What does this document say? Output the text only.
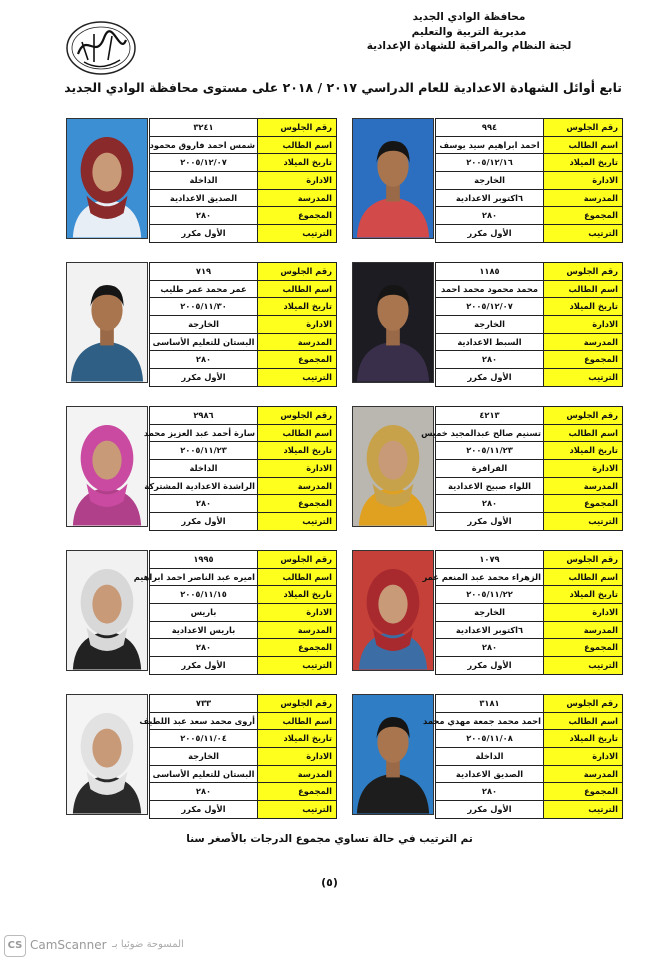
محافظة الوادي الجديد
مديرية التربية والتعليم
لجنة النظام والمراقبة للشهادة الإعدادية
تابع أوائل الشهادة الاعدادية للعام الدراسي ٢٠١٧ / ٢٠١٨ على مستوى محافظة الوادي الجديد
٩٩٤	رقم الجلوس
احمد ابراهيم سيد يوسف	اسم الطالب
٢٠٠٥/١٢/١٦	تاريخ الميلاد
الخارجة	الادارة
٦اكتوبر الاعدادية	المدرسة
٢٨٠	المجموع
الأول مكرر	الترتيب
٣٢٤١	رقم الجلوس
شمس احمد فاروق محمود	اسم الطالب
٢٠٠٥/١٢/٠٧	تاريخ الميلاد
الداخلة	الادارة
الصديق الاعدادية	المدرسة
٢٨٠	المجموع
الأول مكرر	الترتيب
١١٨٥	رقم الجلوس
محمد محمود محمد احمد	اسم الطالب
٢٠٠٥/١٢/٠٧	تاريخ الميلاد
الخارجة	الادارة
السبط الاعدادية	المدرسة
٢٨٠	المجموع
الأول مكرر	الترتيب
٧١٩	رقم الجلوس
عمر محمد عمر طليب	اسم الطالب
٢٠٠٥/١١/٣٠	تاريخ الميلاد
الخارجة	الادارة
البستان للتعليم الأساسى	المدرسة
٢٨٠	المجموع
الأول مكرر	الترتيب
٤٢١٣	رقم الجلوس
تسنيم صالح عبدالمجيد خميس	اسم الطالب
٢٠٠٥/١١/٢٣	تاريخ الميلاد
الفرافرة	الادارة
اللواء صبيح الاعدادية	المدرسة
٢٨٠	المجموع
الأول مكرر	الترتيب
٢٩٨٦	رقم الجلوس
سارة أحمد عبد العزيز محمد	اسم الطالب
٢٠٠٥/١١/٢٣	تاريخ الميلاد
الداخلة	الادارة
الراشدة الاعدادية المشتركة	المدرسة
٢٨٠	المجموع
الأول مكرر	الترتيب
١٠٧٩	رقم الجلوس
الزهراء محمد عبد المنعم عمر	اسم الطالب
٢٠٠٥/١١/٢٢	تاريخ الميلاد
الخارجة	الادارة
٦اكتوبر الاعدادية	المدرسة
٢٨٠	المجموع
الأول مكرر	الترتيب
١٩٩٥	رقم الجلوس
اميره عبد الناصر احمد ابراهيم	اسم الطالب
٢٠٠٥/١١/١٥	تاريخ الميلاد
باريس	الادارة
باريس الاعدادية	المدرسة
٢٨٠	المجموع
الأول مكرر	الترتيب
٣١٨١	رقم الجلوس
احمد محمد جمعة مهدي محمد	اسم الطالب
٢٠٠٥/١١/٠٨	تاريخ الميلاد
الداخلة	الادارة
الصديق الاعدادية	المدرسة
٢٨٠	المجموع
الأول مكرر	الترتيب
٧٣٣	رقم الجلوس
أروى محمد سعد عبد اللطيف	اسم الطالب
٢٠٠٥/١١/٠٤	تاريخ الميلاد
الخارجة	الادارة
البستان للتعليم الأساسى	المدرسة
٢٨٠	المجموع
الأول مكرر	الترتيب
تم الترتيب في حالة تساوي مجموع الدرجات بالأصغر سنا
(٥)
CS CamScanner المسوحة ضوئيا بـ
